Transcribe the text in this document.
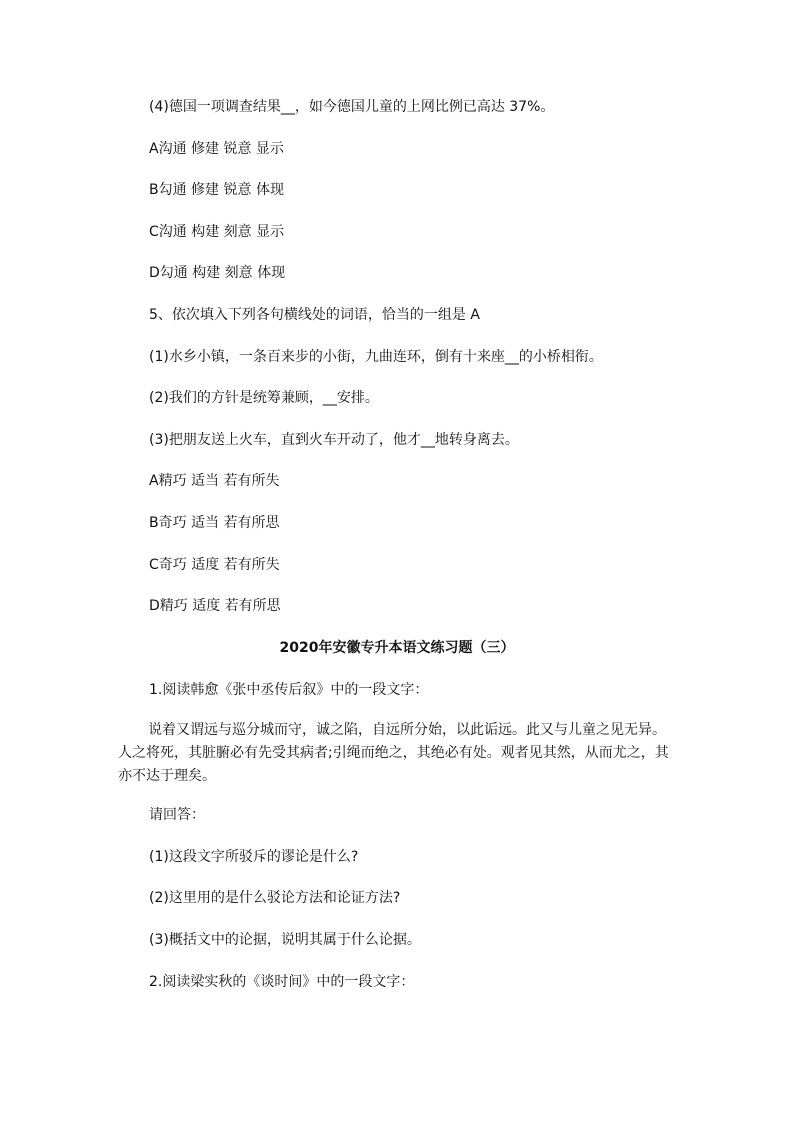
(4)德国一项调查结果__，如今德国儿童的上网比例已高达 37%。
A沟通 修建 锐意 显示
B勾通 修建 锐意 体现
C沟通 构建 刻意 显示
D勾通 构建 刻意 体现
5、依次填入下列各句横线处的词语，恰当的一组是 A
(1)水乡小镇，一条百来步的小街，九曲连环，倒有十来座__的小桥相衔。
(2)我们的方针是统筹兼顾，__安排。
(3)把朋友送上火车，直到火车开动了，他才__地转身离去。
A精巧 适当 若有所失
B奇巧 适当 若有所思
C奇巧 适度 若有所失
D精巧 适度 若有所思
2020年安徽专升本语文练习题（三）
1.阅读韩愈《张中丞传后叙》中的一段文字：
说着又谓远与巡分城而守，诚之陷，自远所分始，以此诟远。此又与儿童之见无异。人之将死，其脏腑必有先受其病者;引绳而绝之，其绝必有处。观者见其然，从而尤之，其亦不达于理矣。
请回答：
(1)这段文字所驳斥的谬论是什么?
(2)这里用的是什么驳论方法和论证方法?
(3)概括文中的论据，说明其属于什么论据。
2.阅读梁实秋的《谈时间》中的一段文字：
